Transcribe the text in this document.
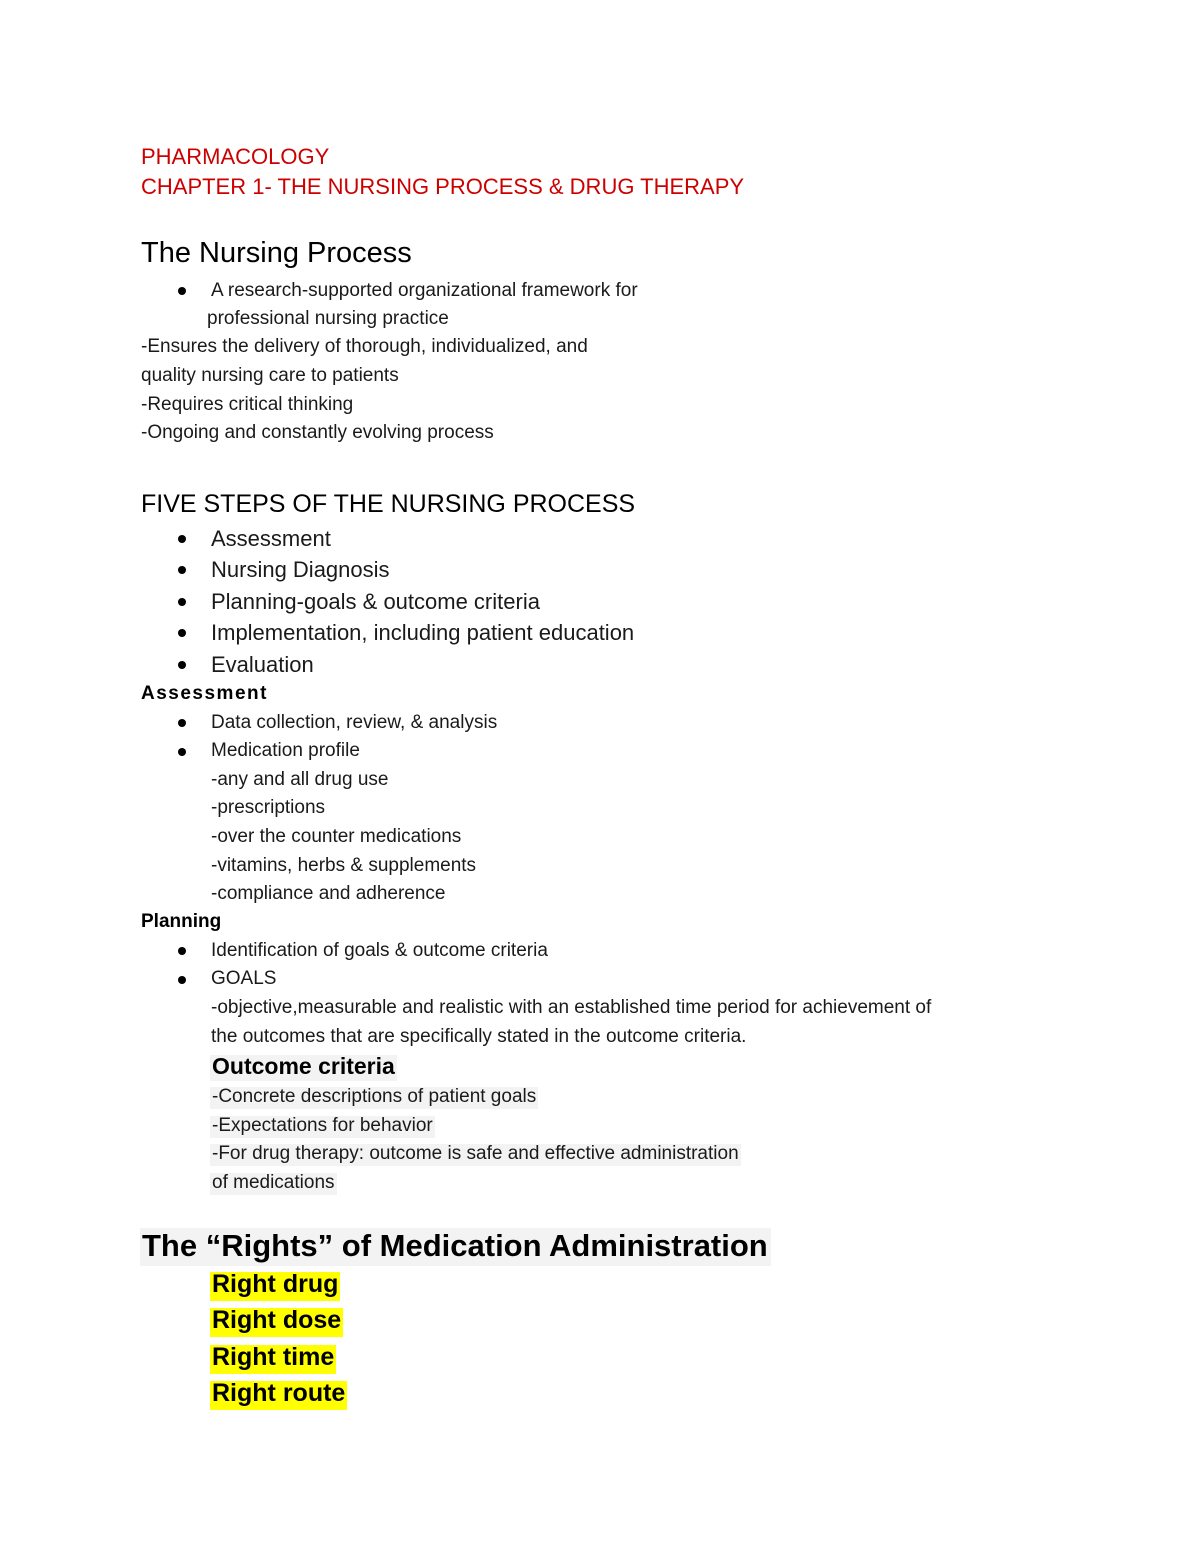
PHARMACOLOGY
CHAPTER 1- THE NURSING PROCESS & DRUG THERAPY
The Nursing Process
A research-supported organizational framework for
professional nursing practice
-Ensures the delivery of thorough, individualized, and
quality nursing care to patients
-Requires critical thinking
-Ongoing and constantly evolving process
FIVE STEPS OF THE NURSING PROCESS
Assessment
Nursing Diagnosis
Planning-goals & outcome criteria
Implementation, including patient education
Evaluation
Assessment
Data collection, review, & analysis
Medication profile
-any and all drug use
-prescriptions
-over the counter medications
-vitamins, herbs & supplements
-compliance and adherence
Planning
Identification of goals & outcome criteria
GOALS
-objective,measurable and realistic with an established time period for achievement of
the outcomes that are specifically stated in the outcome criteria.
Outcome criteria
-Concrete descriptions of patient goals
-Expectations for behavior
-For drug therapy: outcome is safe and effective administration
of medications
The “Rights” of Medication Administration
Right drug
Right dose
Right time
Right route
